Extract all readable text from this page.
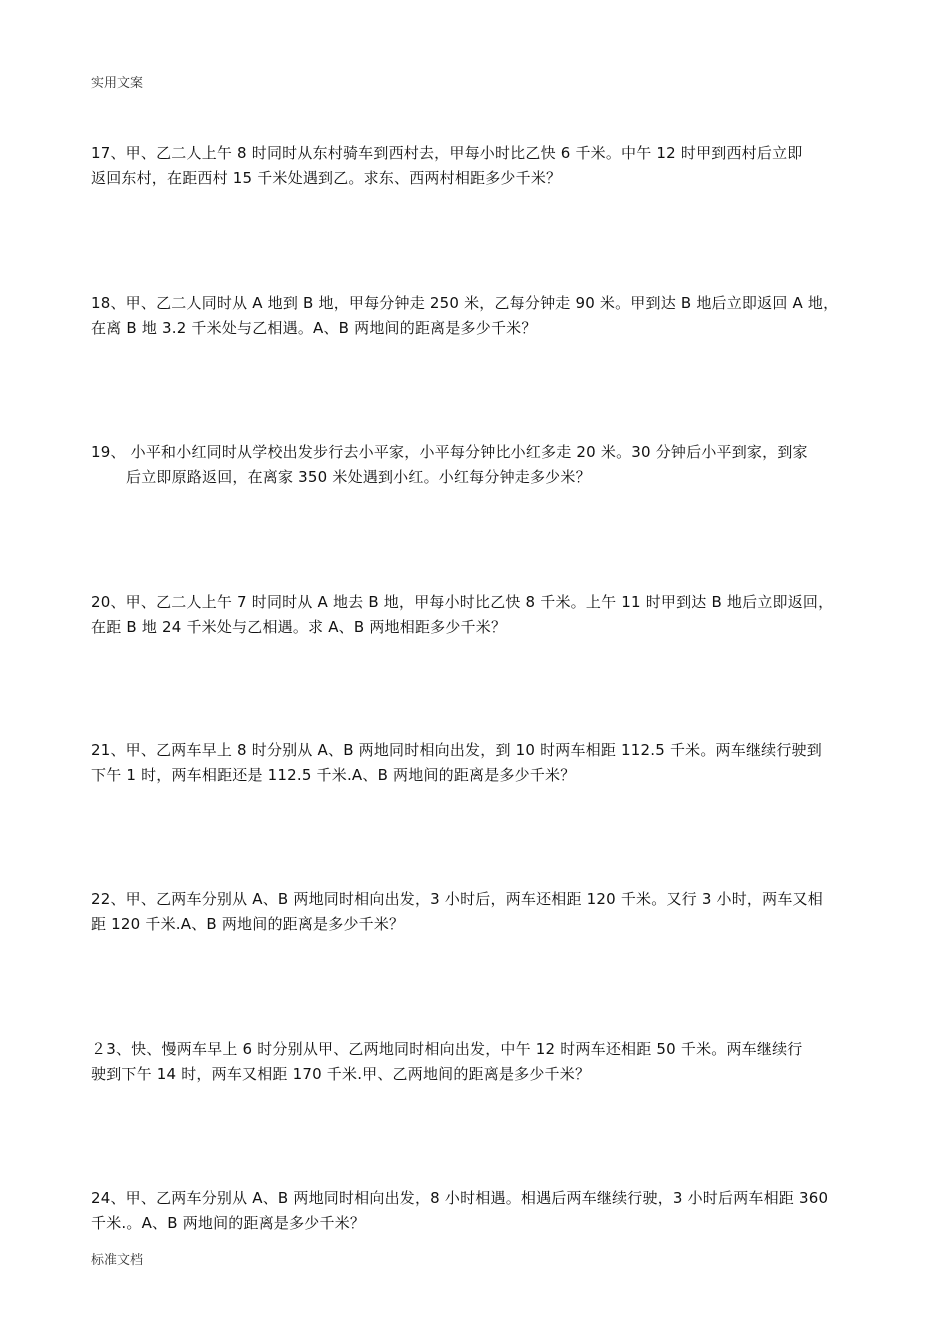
实用文案

17、甲、乙二人上午 8 时同时从东村骑车到西村去，甲每小时比乙快 6 千米。中午 12 时甲到西村后立即

返回东村，在距西村 15 千米处遇到乙。求东、西两村相距多少千米？

18、甲、乙二人同时从 A 地到 B 地，甲每分钟走 250 米，乙每分钟走 90 米。甲到达 B 地后立即返回 A 地，

在离 B 地 3.2 千米处与乙相遇。A、B 两地间的距离是多少千米？

19、 小平和小红同时从学校出发步行去小平家，小平每分钟比小红多走 20 米。30 分钟后小平到家，到家

后立即原路返回，在离家 350 米处遇到小红。小红每分钟走多少米？

20、甲、乙二人上午 7 时同时从 A 地去 B 地，甲每小时比乙快 8 千米。上午 11 时甲到达 B 地后立即返回，

在距 B 地 24 千米处与乙相遇。求 A、B 两地相距多少千米？

21、甲、乙两车早上 8 时分别从 A、B 两地同时相向出发，到 10 时两车相距 112.5 千米。两车继续行驶到

下午 1 时，两车相距还是 112.5 千米.A、B 两地间的距离是多少千米？

22、甲、乙两车分别从 A、B 两地同时相向出发，3 小时后，两车还相距 120 千米。又行 3 小时，两车又相

距 120 千米.A、B 两地间的距离是多少千米？

２3、快、慢两车早上 6 时分别从甲、乙两地同时相向出发，中午 12 时两车还相距 50 千米。两车继续行

驶到下午 14 时，两车又相距 170 千米.甲、乙两地间的距离是多少千米？

24、甲、乙两车分别从 A、B 两地同时相向出发，8 小时相遇。相遇后两车继续行驶，3 小时后两车相距 360

千米.。A、B 两地间的距离是多少千米？

标准文档
